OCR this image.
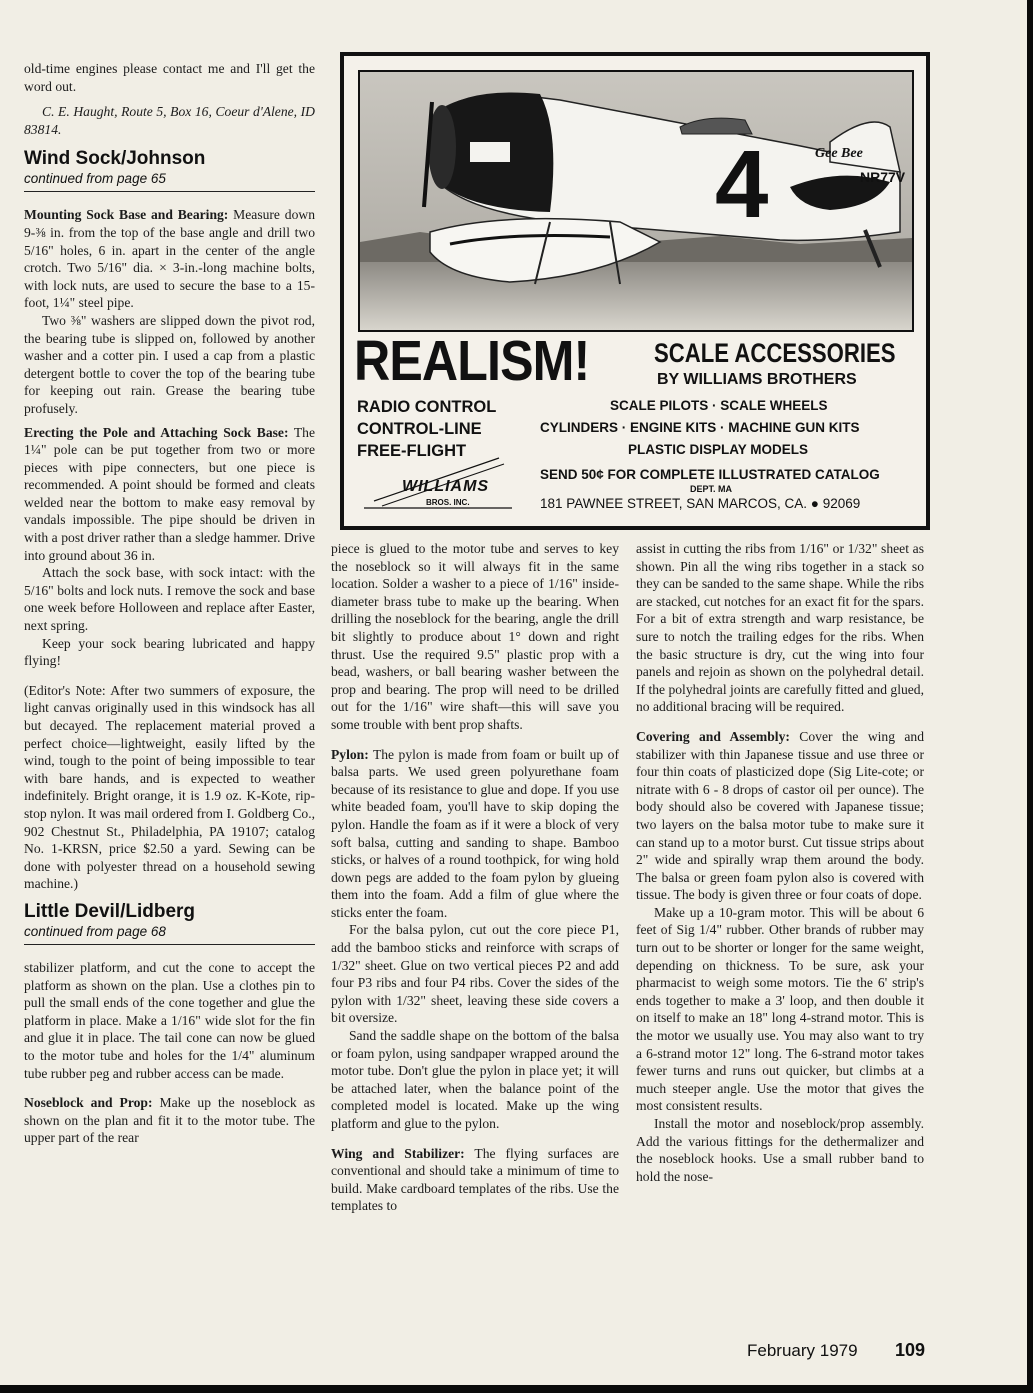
old-time engines please contact me and I'll get the word out.

C. E. Haught, Route 5, Box 16, Coeur d'Alene, ID 83814.

Wind Sock/Johnson
continued from page 65

Mounting Sock Base and Bearing: Measure down 9-⅜ in. from the top of the base angle and drill two 5/16" holes, 6 in. apart in the center of the angle crotch. Two 5/16" dia. × 3-in.-long machine bolts, with lock nuts, are used to secure the base to a 15-foot, 1¼" steel pipe.

Two ⅜" washers are slipped down the pivot rod, the bearing tube is slipped on, followed by another washer and a cotter pin. I used a cap from a plastic detergent bottle to cover the top of the bearing tube for keeping out rain. Grease the bearing tube profusely.

Erecting the Pole and Attaching Sock Base: The 1¼" pole can be put together from two or more pieces with pipe connecters, but one piece is recommended. A point should be formed and cleats welded near the bottom to make easy removal by vandals impossible. The pipe should be driven in with a post driver rather than a sledge hammer. Drive into ground about 36 in.

Attach the sock base, with sock intact: with the 5/16" bolts and lock nuts. I remove the sock and base one week before Holloween and replace after Easter, next spring.

Keep your sock bearing lubricated and happy flying!

(Editor's Note: After two summers of exposure, the light canvas originally used in this windsock has all but decayed. The replacement material proved a perfect choice—lightweight, easily lifted by the wind, tough to the point of being impossible to tear with bare hands, and is expected to weather indefinitely. Bright orange, it is 1.9 oz. K-Kote, rip-stop nylon. It was mail ordered from I. Goldberg Co., 902 Chestnut St., Philadelphia, PA 19107; catalog No. 1-KRSN, price $2.50 a yard. Sewing can be done with polyester thread on a household sewing machine.)

Little Devil/Lidberg
continued from page 68

stabilizer platform, and cut the cone to accept the platform as shown on the plan. Use a clothes pin to pull the small ends of the cone together and glue the platform in place. Make a 1/16" wide slot for the fin and glue it in place. The tail cone can now be glued to the motor tube and holes for the 1/4" aluminum tube rubber peg and rubber access can be made.

Noseblock and Prop: Make up the noseblock as shown on the plan and fit it to the motor tube. The upper part of the rear

piece is glued to the motor tube and serves to key the noseblock so it will always fit in the same location. Solder a washer to a piece of 1/16" inside-diameter brass tube to make up the bearing. When drilling the noseblock for the bearing, angle the drill bit slightly to produce about 1° down and right thrust. Use the required 9.5" plastic prop with a bead, washers, or ball bearing washer between the prop and bearing. The prop will need to be drilled out for the 1/16" wire shaft—this will save you some trouble with bent prop shafts.

Pylon: The pylon is made from foam or built up of balsa parts. We used green polyurethane foam because of its resistance to glue and dope. If you use white beaded foam, you'll have to skip doping the pylon. Handle the foam as if it were a block of very soft balsa, cutting and sanding to shape. Bamboo sticks, or halves of a round toothpick, for wing hold down pegs are added to the foam pylon by glueing them into the foam. Add a film of glue where the sticks enter the foam.

For the balsa pylon, cut out the core piece P1, add the bamboo sticks and reinforce with scraps of 1/32" sheet. Glue on two vertical pieces P2 and add four P3 ribs and four P4 ribs. Cover the sides of the pylon with 1/32" sheet, leaving these side covers a bit oversize.

Sand the saddle shape on the bottom of the balsa or foam pylon, using sandpaper wrapped around the motor tube. Don't glue the pylon in place yet; it will be attached later, when the balance point of the completed model is located. Make up the wing platform and glue to the pylon.

Wing and Stabilizer: The flying surfaces are conventional and should take a minimum of time to build. Make cardboard templates of the ribs. Use the templates to

assist in cutting the ribs from 1/16" or 1/32" sheet as shown. Pin all the wing ribs together in a stack so they can be sanded to the same shape. While the ribs are stacked, cut notches for an exact fit for the spars. For a bit of extra strength and warp resistance, be sure to notch the trailing edges for the ribs. When the basic structure is dry, cut the wing into four panels and rejoin as shown on the polyhedral detail. If the polyhedral joints are carefully fitted and glued, no additional bracing will be required.

Covering and Assembly: Cover the wing and stabilizer with thin Japanese tissue and use three or four thin coats of plasticized dope (Sig Lite-cote; or nitrate with 6 - 8 drops of castor oil per ounce). The body should also be covered with Japanese tissue; two layers on the balsa motor tube to make sure it can stand up to a motor burst. Cut tissue strips about 2" wide and spirally wrap them around the body. The balsa or green foam pylon also is covered with tissue. The body is given three or four coats of dope.

Make up a 10-gram motor. This will be about 6 feet of Sig 1/4" rubber. Other brands of rubber may turn out to be shorter or longer for the same weight, depending on thickness. To be sure, ask your pharmacist to weigh some motors. Tie the 6' strip's ends together to make a 3' loop, and then double it on itself to make an 18" long 4-strand motor. This is the motor we usually use. You may also want to try a 6-strand motor 12" long. The 6-strand motor takes fewer turns and runs out quicker, but climbs at a much steeper angle. Use the motor that gives the most consistent results.

Install the motor and noseblock/prop assembly. Add the various fittings for the dethermalizer and the noseblock hooks. Use a small rubber band to hold the nose-

4	NR77V
Gee Bee
REALISM! SCALE ACCESSORIES
BY WILLIAMS BROTHERS
RADIO CONTROL
CONTROL-LINE
FREE-FLIGHT
SCALE PILOTS · SCALE WHEELS
CYLINDERS · ENGINE KITS · MACHINE GUN KITS
PLASTIC DISPLAY MODELS
WILLIAMS
BROS. INC.
SEND 50¢ FOR COMPLETE ILLUSTRATED CATALOG
DEPT. MA
181 PAWNEE STREET, SAN MARCOS, CA. ● 92069
February 1979 109
